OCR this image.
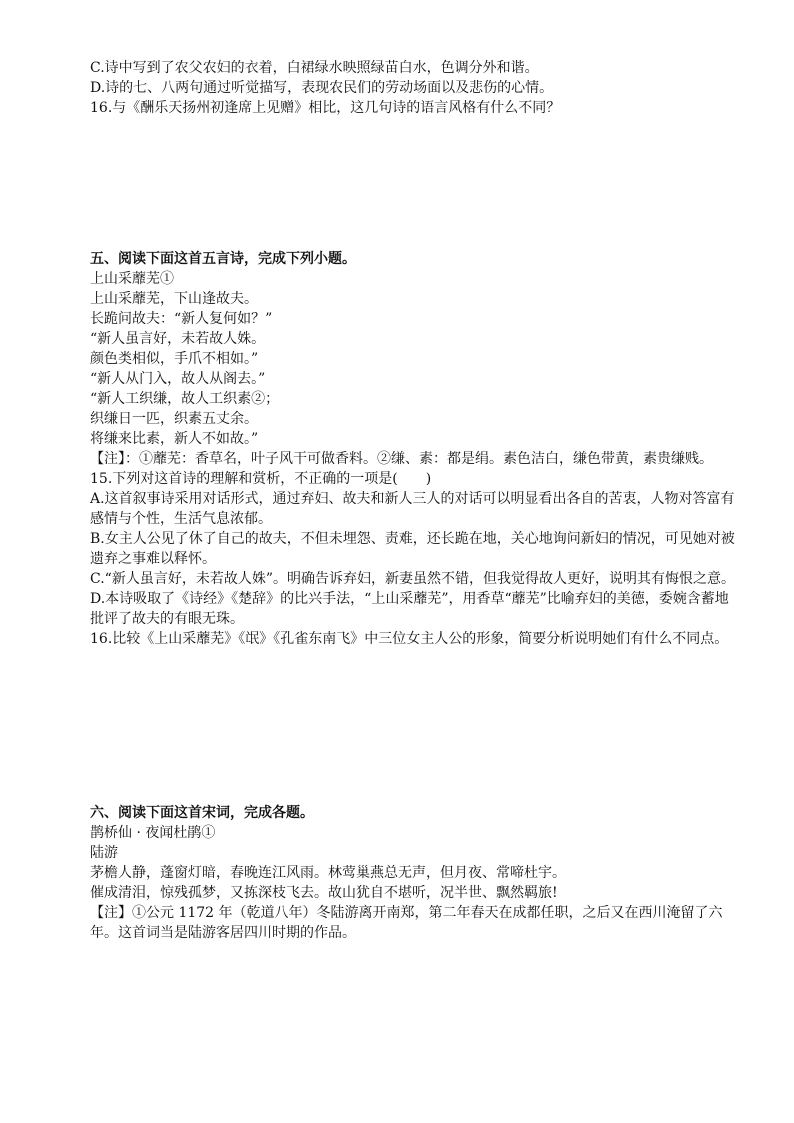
C.诗中写到了农父农妇的衣着，白裙绿水映照绿苗白水，色调分外和谐。
D.诗的七、八两句通过听觉描写，表现农民们的劳动场面以及悲伤的心情。
16.与《酬乐天扬州初逢席上见赠》相比，这几句诗的语言风格有什么不同？
五、阅读下面这首五言诗，完成下列小题。
上山采蘼芜①
上山采蘼芜，下山逢故夫。
长跪问故夫：“新人复何如？”
“新人虽言好，未若故人姝。
颜色类相似，手爪不相如。”
“新人从门入，故人从阁去。”
“新人工织缣，故人工织素②；
织缣日一匹，织素五丈余。
将缣来比素，新人不如故。”
【注】：①蘼芜：香草名，叶子风干可做香料。②缣、素：都是绢。素色洁白，缣色带黄，素贵缣贱。
15.下列对这首诗的理解和赏析，不正确的一项是(　　)
A.这首叙事诗采用对话形式，通过弃妇、故夫和新人三人的对话可以明显看出各自的苦衷，人物对答富有感情与个性，生活气息浓郁。
B.女主人公见了休了自己的故夫，不但未埋怨、责难，还长跪在地，关心地询问新妇的情况，可见她对被遗弃之事难以释怀。
C.“新人虽言好，未若故人姝”。明确告诉弃妇，新妻虽然不错，但我觉得故人更好，说明其有悔恨之意。
D.本诗吸取了《诗经》《楚辞》的比兴手法，“上山采蘼芜”，用香草“蘼芜”比喻弃妇的美德，委婉含蓄地批评了故夫的有眼无珠。
16.比较《上山采蘼芜》《氓》《孔雀东南飞》中三位女主人公的形象，简要分析说明她们有什么不同点。
六、阅读下面这首宋词，完成各题。
鹊桥仙 · 夜闻杜鹃①
陆游
茅檐人静，蓬窗灯暗，春晚连江风雨。林莺巢燕总无声，但月夜、常啼杜宇。
催成清泪，惊残孤梦，又拣深枝飞去。故山犹自不堪听，况半世、飘然羁旅!
【注】①公元 1172 年（乾道八年）冬陆游离开南郑，第二年春天在成都任职，之后又在西川淹留了六年。这首词当是陆游客居四川时期的作品。
